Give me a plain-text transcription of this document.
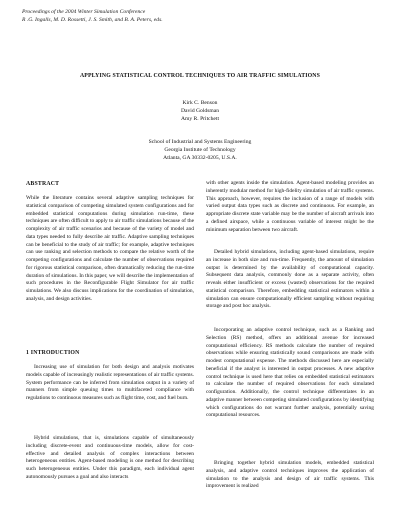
Proceedings of the 2004 Winter Simulation Conference
R .G. Ingalls, M. D. Rossetti, J. S. Smith, and B. A. Peters, eds.
APPLYING STATISTICAL CONTROL TECHNIQUES TO AIR TRAFFIC SIMULATIONS
Kirk C. Benson
David Goldsman
Amy R. Pritchett
School of Industrial and Systems Engineering
Georgia Institute of Technology
Atlanta, GA 30332-0205, U.S.A.
ABSTRACT
While the literature contains several adaptive sampling techniques for statistical comparison of competing simulated system configurations and for embedded statistical computations during simulation run-time, these techniques are often difficult to apply to air traffic simulations because of the complexity of air traffic scenarios and because of the variety of model and data types needed to fully describe air traffic. Adaptive sampling techniques can be beneficial to the study of air traffic; for example, adaptive techniques can use ranking and selection methods to compare the relative worth of the competing configurations and calculate the number of observations required for rigorous statistical comparison, often dramatically reducing the run-time duration of simulations. In this paper, we will describe the implementation of such procedures in the Reconfigurable Flight Simulator for air traffic simulations. We also discuss implications for the coordination of simulation, analysis, and design activities.
1 INTRODUCTION
Increasing use of simulation for both design and analysis motivates models capable of increasingly realistic representations of air traffic systems. System performance can be inferred from simulation output in a variety of manners from simple queuing times to multifaceted compliance with regulations to continuous measures such as flight time, cost, and fuel burn.
Hybrid simulations, that is, simulations capable of simultaneously including discrete-event and continuous-time models, allow for cost-effective and detailed analysis of complex interactions between heterogeneous entities. Agent-based modeling is one method for describing such heterogeneous entities. Under this paradigm, each individual agent autonomously pursues a goal and also interacts
with other agents inside the simulation. Agent-based modeling provides an inherently modular method for high-fidelity simulation of air traffic systems. This approach, however, requires the inclusion of a range of models with varied output data types such as discrete and continuous. For example, an appropriate discrete state variable may be the number of aircraft arrivals into a defined airspace, while a continuous variable of interest might be the minimum separation between two aircraft.
Detailed hybrid simulations, including agent-based simulations, require an increase in both size and run-time. Frequently, the amount of simulation output is determined by the availability of computational capacity. Subsequent data analysis, commonly done as a separate activity, often reveals either insufficient or excess (wasted) observations for the required statistical comparison. Therefore, embedding statistical estimators within a simulation can ensure computationally efficient sampling without requiring storage and post hoc analysis.
Incorporating an adaptive control technique, such as a Ranking and Selection (RS) method, offers an additional avenue for increased computational efficiency. RS methods calculate the number of required observations while ensuring statistically sound comparisons are made with modest computational expense. The methods discussed here are especially beneficial if the analyst is interested in output processes. A new adaptive control technique is used here that relies on embedded statistical estimators to calculate the number of required observations for each simulated configuration. Additionally, the control technique differentiates in an adaptive manner between competing simulated configurations by identifying which configurations do not warrant further analysis, potentially saving computational resources.
Bringing together hybrid simulation models, embedded statistical analysis, and adaptive control techniques improves the application of simulation to the analysis and design of air traffic systems. This improvement is realized
